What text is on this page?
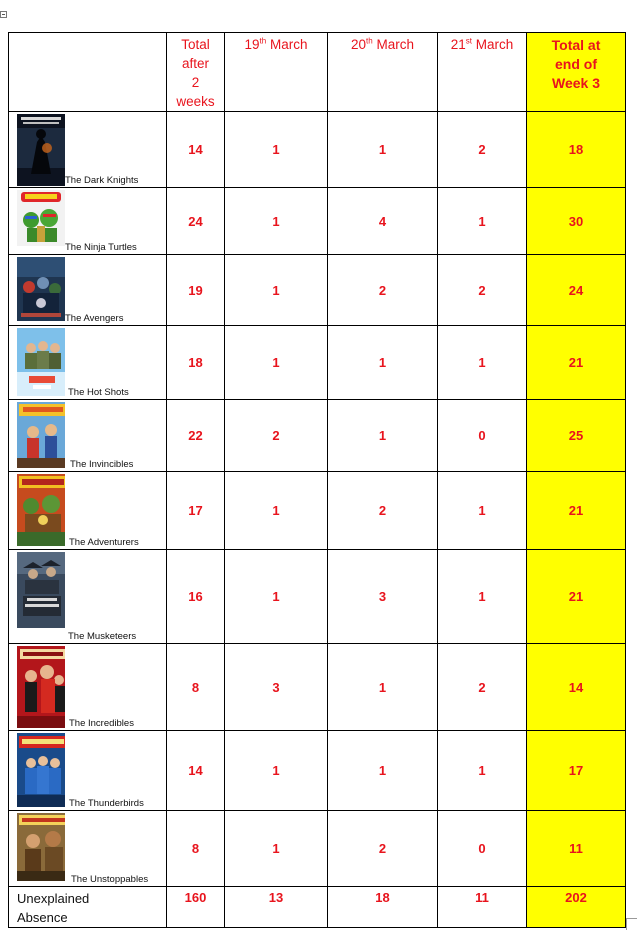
	Total
after
2
weeks	19th March	20th March	21st March	Total at
end of
Week 3

The Dark Knights	14	1	1	2	18

The Ninja Turtles	24	1	4	1	30

The Avengers	19	1	2	2	24

The Hot Shots	18	1	1	1	21

The Invincibles	22	2	1	0	25

The Adventurers	17	1	2	1	21

The Musketeers	16	1	3	1	21

The Incredibles	8	3	1	2	14

The Thunderbirds	14	1	1	1	17

The Unstoppables	8	1	2	0	11
Unexplained
Absence	160	13	18	11	202
